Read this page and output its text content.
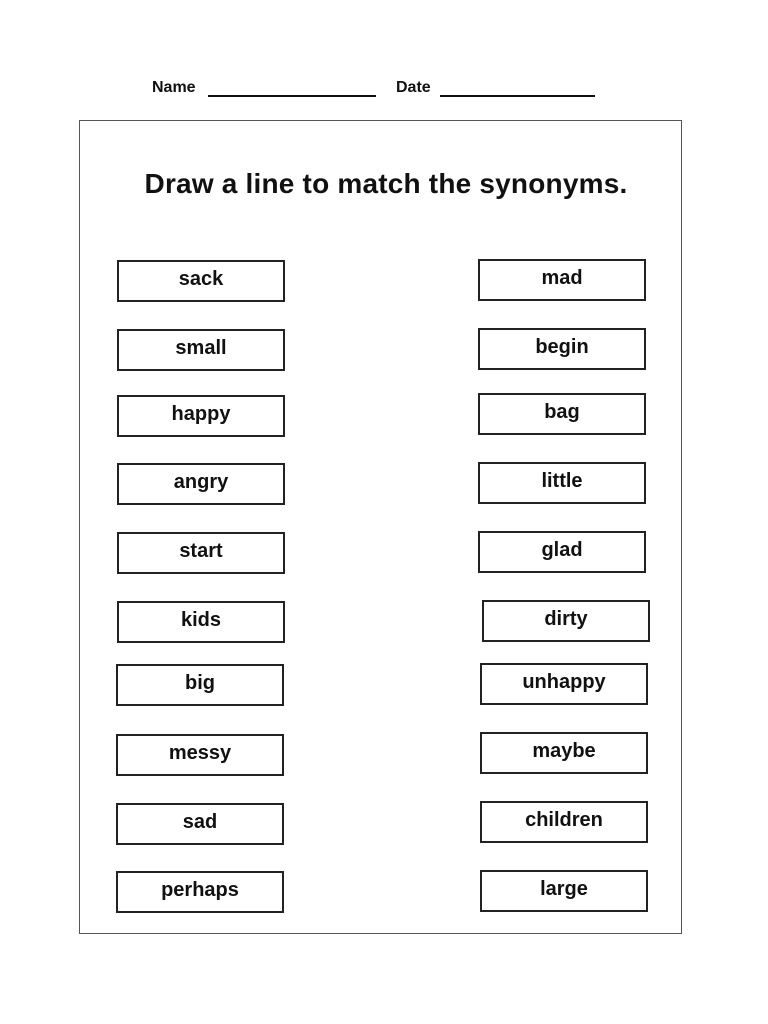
Name	Date
Draw a line to match the synonyms.
sack
small
happy
angry
start
kids
big
messy
sad
perhaps
mad
begin
bag
little
glad
dirty
unhappy
maybe
children
large
